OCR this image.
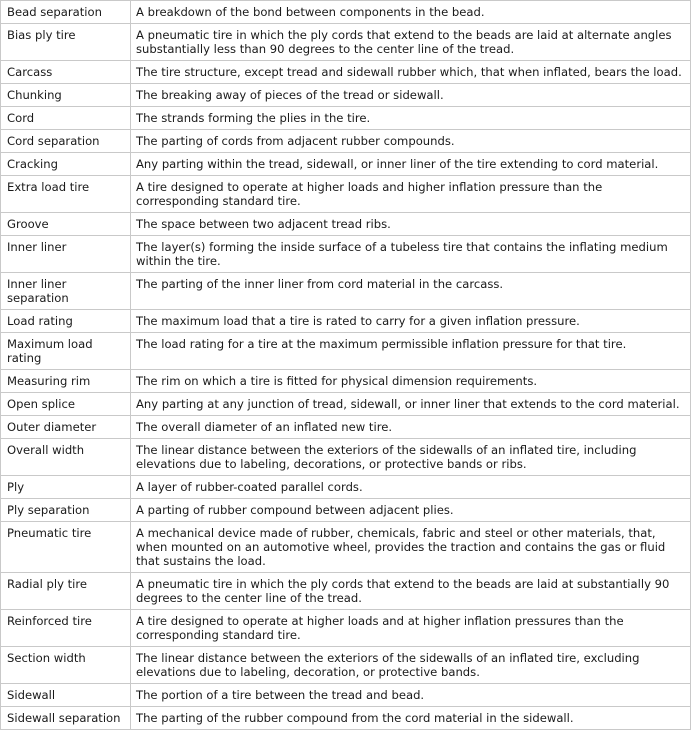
Bead separation	A breakdown of the bond between components in the bead.
Bias ply tire	A pneumatic tire in which the ply cords that extend to the beads are laid at alternate angles substantially less than 90 degrees to the center line of the tread.
Carcass	The tire structure, except tread and sidewall rubber which, that when inflated, bears the load.
Chunking	The breaking away of pieces of the tread or sidewall.
Cord	The strands forming the plies in the tire.
Cord separation	The parting of cords from adjacent rubber compounds.
Cracking	Any parting within the tread, sidewall, or inner liner of the tire extending to cord material.
Extra load tire	A tire designed to operate at higher loads and higher inflation pressure than the corresponding standard tire.
Groove	The space between two adjacent tread ribs.
Inner liner	The layer(s) forming the inside surface of a tubeless tire that contains the inflating medium within the tire.
Inner liner separation	The parting of the inner liner from cord material in the carcass.
Load rating	The maximum load that a tire is rated to carry for a given inflation pressure.
Maximum load rating	The load rating for a tire at the maximum permissible inflation pressure for that tire.
Measuring rim	The rim on which a tire is fitted for physical dimension requirements.
Open splice	Any parting at any junction of tread, sidewall, or inner liner that extends to the cord material.
Outer diameter	The overall diameter of an inflated new tire.
Overall width	The linear distance between the exteriors of the sidewalls of an inflated tire, including elevations due to labeling, decorations, or protective bands or ribs.
Ply	A layer of rubber-coated parallel cords.
Ply separation	A parting of rubber compound between adjacent plies.
Pneumatic tire	A mechanical device made of rubber, chemicals, fabric and steel or other materials, that, when mounted on an automotive wheel, provides the traction and contains the gas or fluid that sustains the load.
Radial ply tire	A pneumatic tire in which the ply cords that extend to the beads are laid at substantially 90 degrees to the center line of the tread.
Reinforced tire	A tire designed to operate at higher loads and at higher inflation pressures than the corresponding standard tire.
Section width	The linear distance between the exteriors of the sidewalls of an inflated tire, excluding elevations due to labeling, decoration, or protective bands.
Sidewall	The portion of a tire between the tread and bead.
Sidewall separation	The parting of the rubber compound from the cord material in the sidewall.
